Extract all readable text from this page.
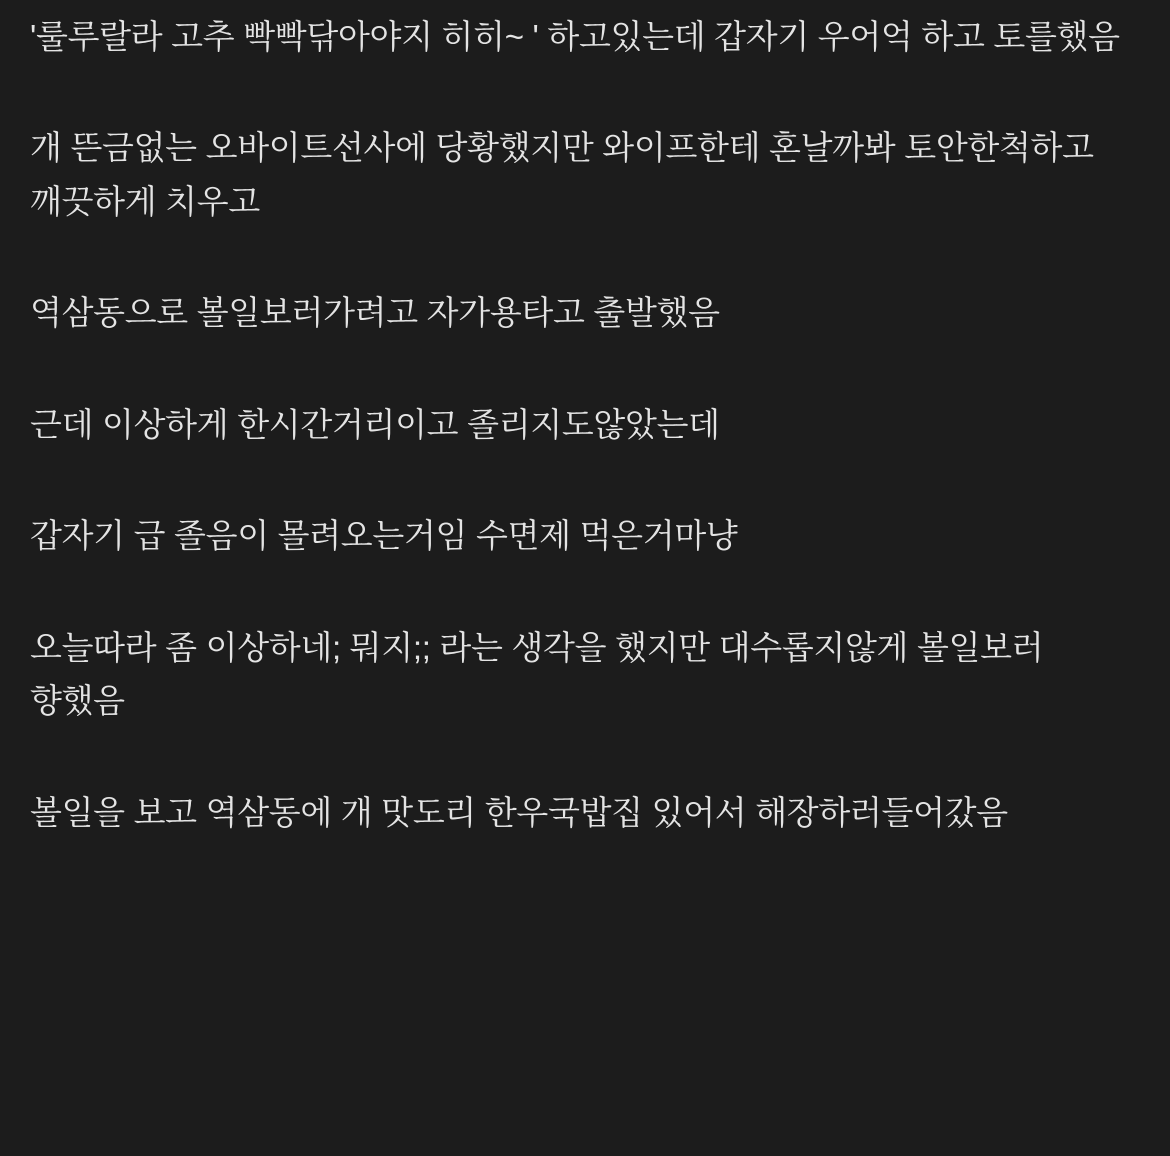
'룰루랄라 고추 빡빡닦아야지 히히~ ' 하고있는데 갑자기 우어억 하고 토를했음

개 뜬금없는 오바이트선사에 당황했지만 와이프한테 혼날까봐 토안한척하고 깨끗하게 치우고

역삼동으로 볼일보러가려고 자가용타고 출발했음

근데 이상하게 한시간거리이고 졸리지도않았는데

갑자기 급 졸음이 몰려오는거임 수면제 먹은거마냥

오늘따라 좀 이상하네; 뭐지;; 라는 생각을 했지만 대수롭지않게 볼일보러 향했음

볼일을 보고 역삼동에 개 맛도리 한우국밥집 있어서 해장하러들어갔음
